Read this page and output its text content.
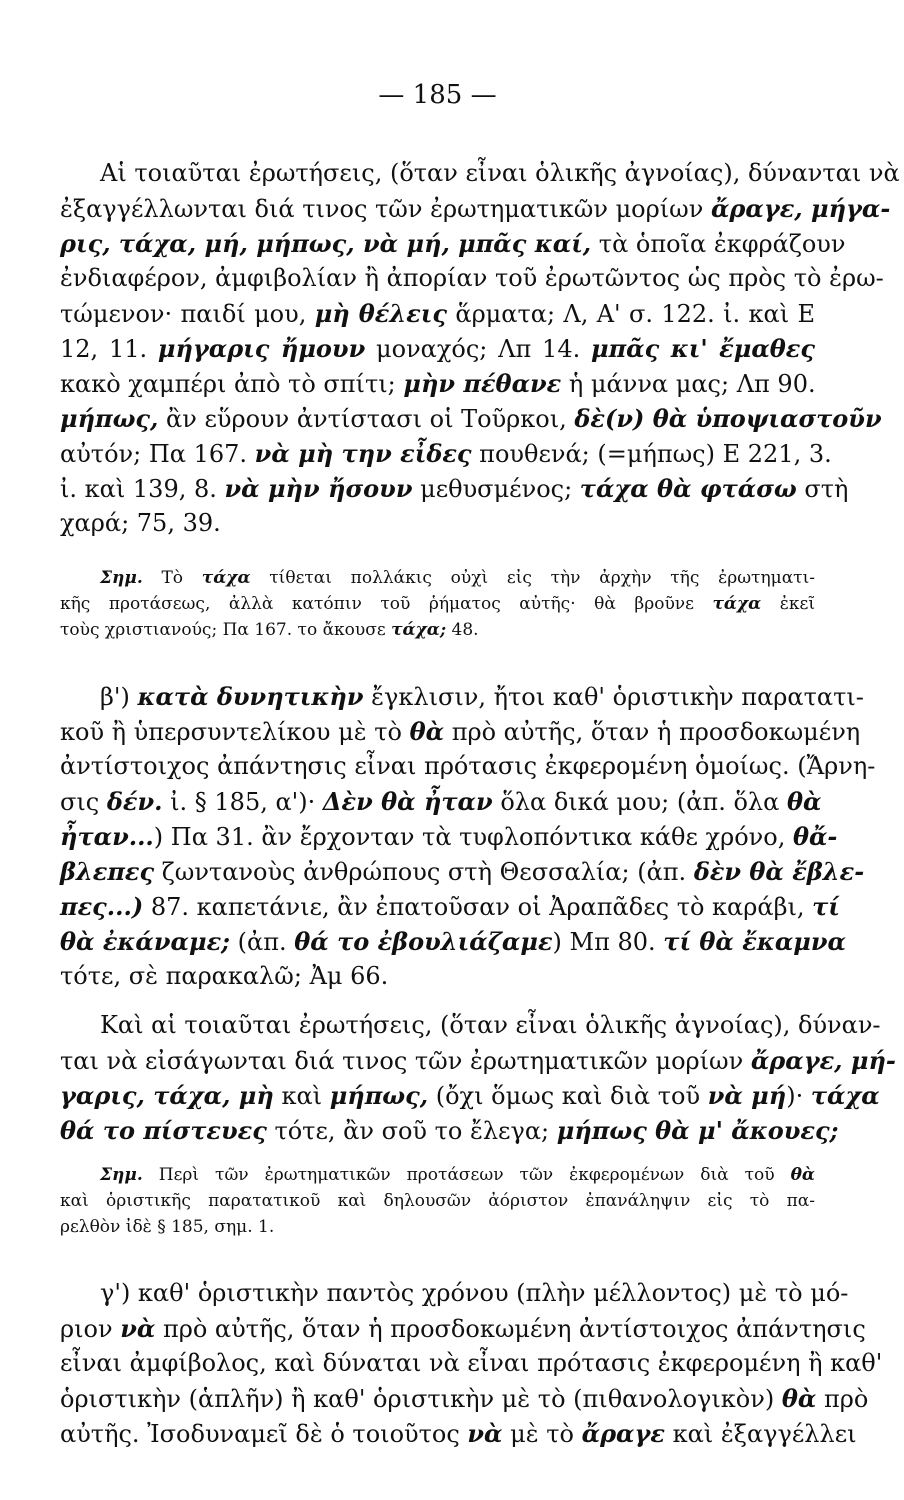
— 185 —
Αἱ τοιαῦται ἐρωτήσεις, (ὅταν εἶναι ὁλικῆς ἀγνοίας), δύνανται νὰ
ἐξαγγέλλωνται διά τινος τῶν ἐρωτηματικῶν μορίων ἄραγε, μήγα-
ρις, τάχα, μή, μήπως, νὰ μή, μπᾶς καί, τὰ ὁποῖα ἐκφράζουν
ἐνδιαφέρον, ἀμφιβολίαν ἢ ἀπορίαν τοῦ ἐρωτῶντος ὡς πρὸς τὸ ἐρω-
τώμενον· παιδί μου, μὴ θέλεις ἅρματα; Λ, Α' σ. 122. ἰ. καὶ Ε
12, 11. μήγαρις ἤμουν μοναχός; Λπ 14. μπᾶς κι' ἔμαθες
κακὸ χαμπέρι ἀπὸ τὸ σπίτι; μὴν πέθανε ἡ μάννα μας; Λπ 90.
μήπως, ἂν εὕρουν ἀντίστασι οἱ Τοῦρκοι, δὲ(ν) θὰ ὑποψιαστοῦν
αὐτόν; Πα 167. νὰ μὴ την εἶδες πουθενά; (=μήπως) Ε 221, 3.
ἰ. καὶ 139, 8. νὰ μὴν ἤσουν μεθυσμένος; τάχα θὰ φτάσω στὴ
χαρά; 75, 39.
Σημ. Τὸ τάχα τίθεται πολλάκις οὐχὶ εἰς τὴν ἀρχὴν τῆς ἐρωτηματι-
κῆς προτάσεως, ἀλλὰ κατόπιν τοῦ ῥήματος αὐτῆς· θὰ βροῦνε τάχα ἐκεῖ
τοὺς χριστιανούς; Πα 167. το ἄκουσε τάχα; 48.
β') κατὰ δυνητικὴν ἔγκλισιν, ἤτοι καθ' ὁριστικὴν παρατατι-
κοῦ ἢ ὑπερσυντελίκου μὲ τὸ θὰ πρὸ αὐτῆς, ὅταν ἡ προσδοκωμένη
ἀντίστοιχος ἀπάντησις εἶναι πρότασις ἐκφερομένη ὁμοίως. (Ἄρνη-
σις δέν. ἰ. § 185, α')· Δὲν θὰ ἦταν ὅλα δικά μου; (ἀπ. ὅλα θὰ
ἦταν...) Πα 31. ἂν ἔρχονταν τὰ τυφλοπόντικα κάθε χρόνο, θἄ-
βλεπες ζωντανοὺς ἀνθρώπους στὴ Θεσσαλία; (ἀπ. δὲν θὰ ἔβλε-
πες...) 87. καπετάνιε, ἂν ἐπατοῦσαν οἱ Ἀραπᾶδες τὸ καράβι, τί
θὰ ἐκάναμε; (ἀπ. θά το ἐβουλιάζαμε) Μπ 80. τί θὰ ἔκαμνα
τότε, σὲ παρακαλῶ; Ἀμ 66.
Καὶ αἱ τοιαῦται ἐρωτήσεις, (ὅταν εἶναι ὁλικῆς ἀγνοίας), δύναν-
ται νὰ εἰσάγωνται διά τινος τῶν ἐρωτηματικῶν μορίων ἄραγε, μή-
γαρις, τάχα, μὴ καὶ μήπως, (ὄχι ὅμως καὶ διὰ τοῦ νὰ μή)· τάχα
θά το πίστευες τότε, ἂν σοῦ το ἔλεγα; μήπως θὰ μ' ἄκουες;
Σημ. Περὶ τῶν ἐρωτηματικῶν προτάσεων τῶν ἐκφερομένων διὰ τοῦ θὰ
καὶ ὁριστικῆς παρατατικοῦ καὶ δηλουσῶν ἀόριστον ἐπανάληψιν εἰς τὸ πα-
ρελθὸν ἰδὲ § 185, σημ. 1.
γ') καθ' ὁριστικὴν παντὸς χρόνου (πλὴν μέλλοντος) μὲ τὸ μό-
ριον νὰ πρὸ αὐτῆς, ὅταν ἡ προσδοκωμένη ἀντίστοιχος ἀπάντησις
εἶναι ἀμφίβολος, καὶ δύναται νὰ εἶναι πρότασις ἐκφερομένη ἢ καθ'
ὁριστικὴν (ἁπλῆν) ἢ καθ' ὁριστικὴν μὲ τὸ (πιθανολογικὸν) θὰ πρὸ
αὐτῆς. Ἰσοδυναμεῖ δὲ ὁ τοιοῦτος νὰ μὲ τὸ ἄραγε καὶ ἐξαγγέλλει
